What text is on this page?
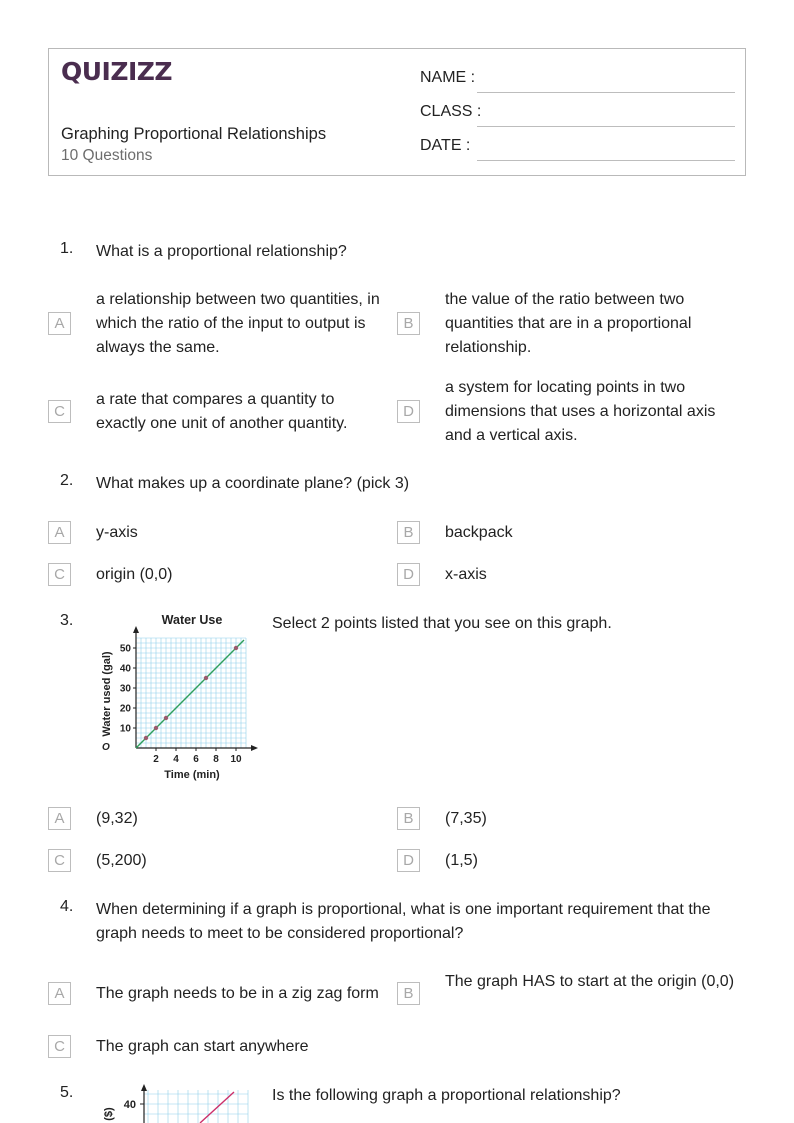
QUIZIZZ
Graphing Proportional Relationships
10 Questions
NAME :
CLASS :
DATE :
1. What is a proportional relationship?
A
a relationship between two quantities, in which the ratio of the input to output is always the same.
B
the value of the ratio between two quantities that are in a proportional relationship.
C
a rate that compares a quantity to exactly one unit of another quantity.
D
a system for locating points in two dimensions that uses a horizontal axis and a vertical axis.
2. What makes up a coordinate plane? (pick 3)
A	y-axis	B	backpack
C	origin (0,0)	D	x-axis
3.	Water Use
2 4 6 8 10
10
20
30
40
50
O
Time (min)
Water used (gal)
Select 2 points listed that you see on this graph.
A	(9,32)	B	(7,35)
C	(5,200)	D	(1,5)
4. When determining if a graph is proportional, what is one important requirement that the graph needs to meet to be considered proportional?
A	The graph needs to be in a zig zag form	B
The graph HAS to start at the origin (0,0)
C	The graph can start anywhere
5.
40
($)
Is the following graph a proportional relationship?
